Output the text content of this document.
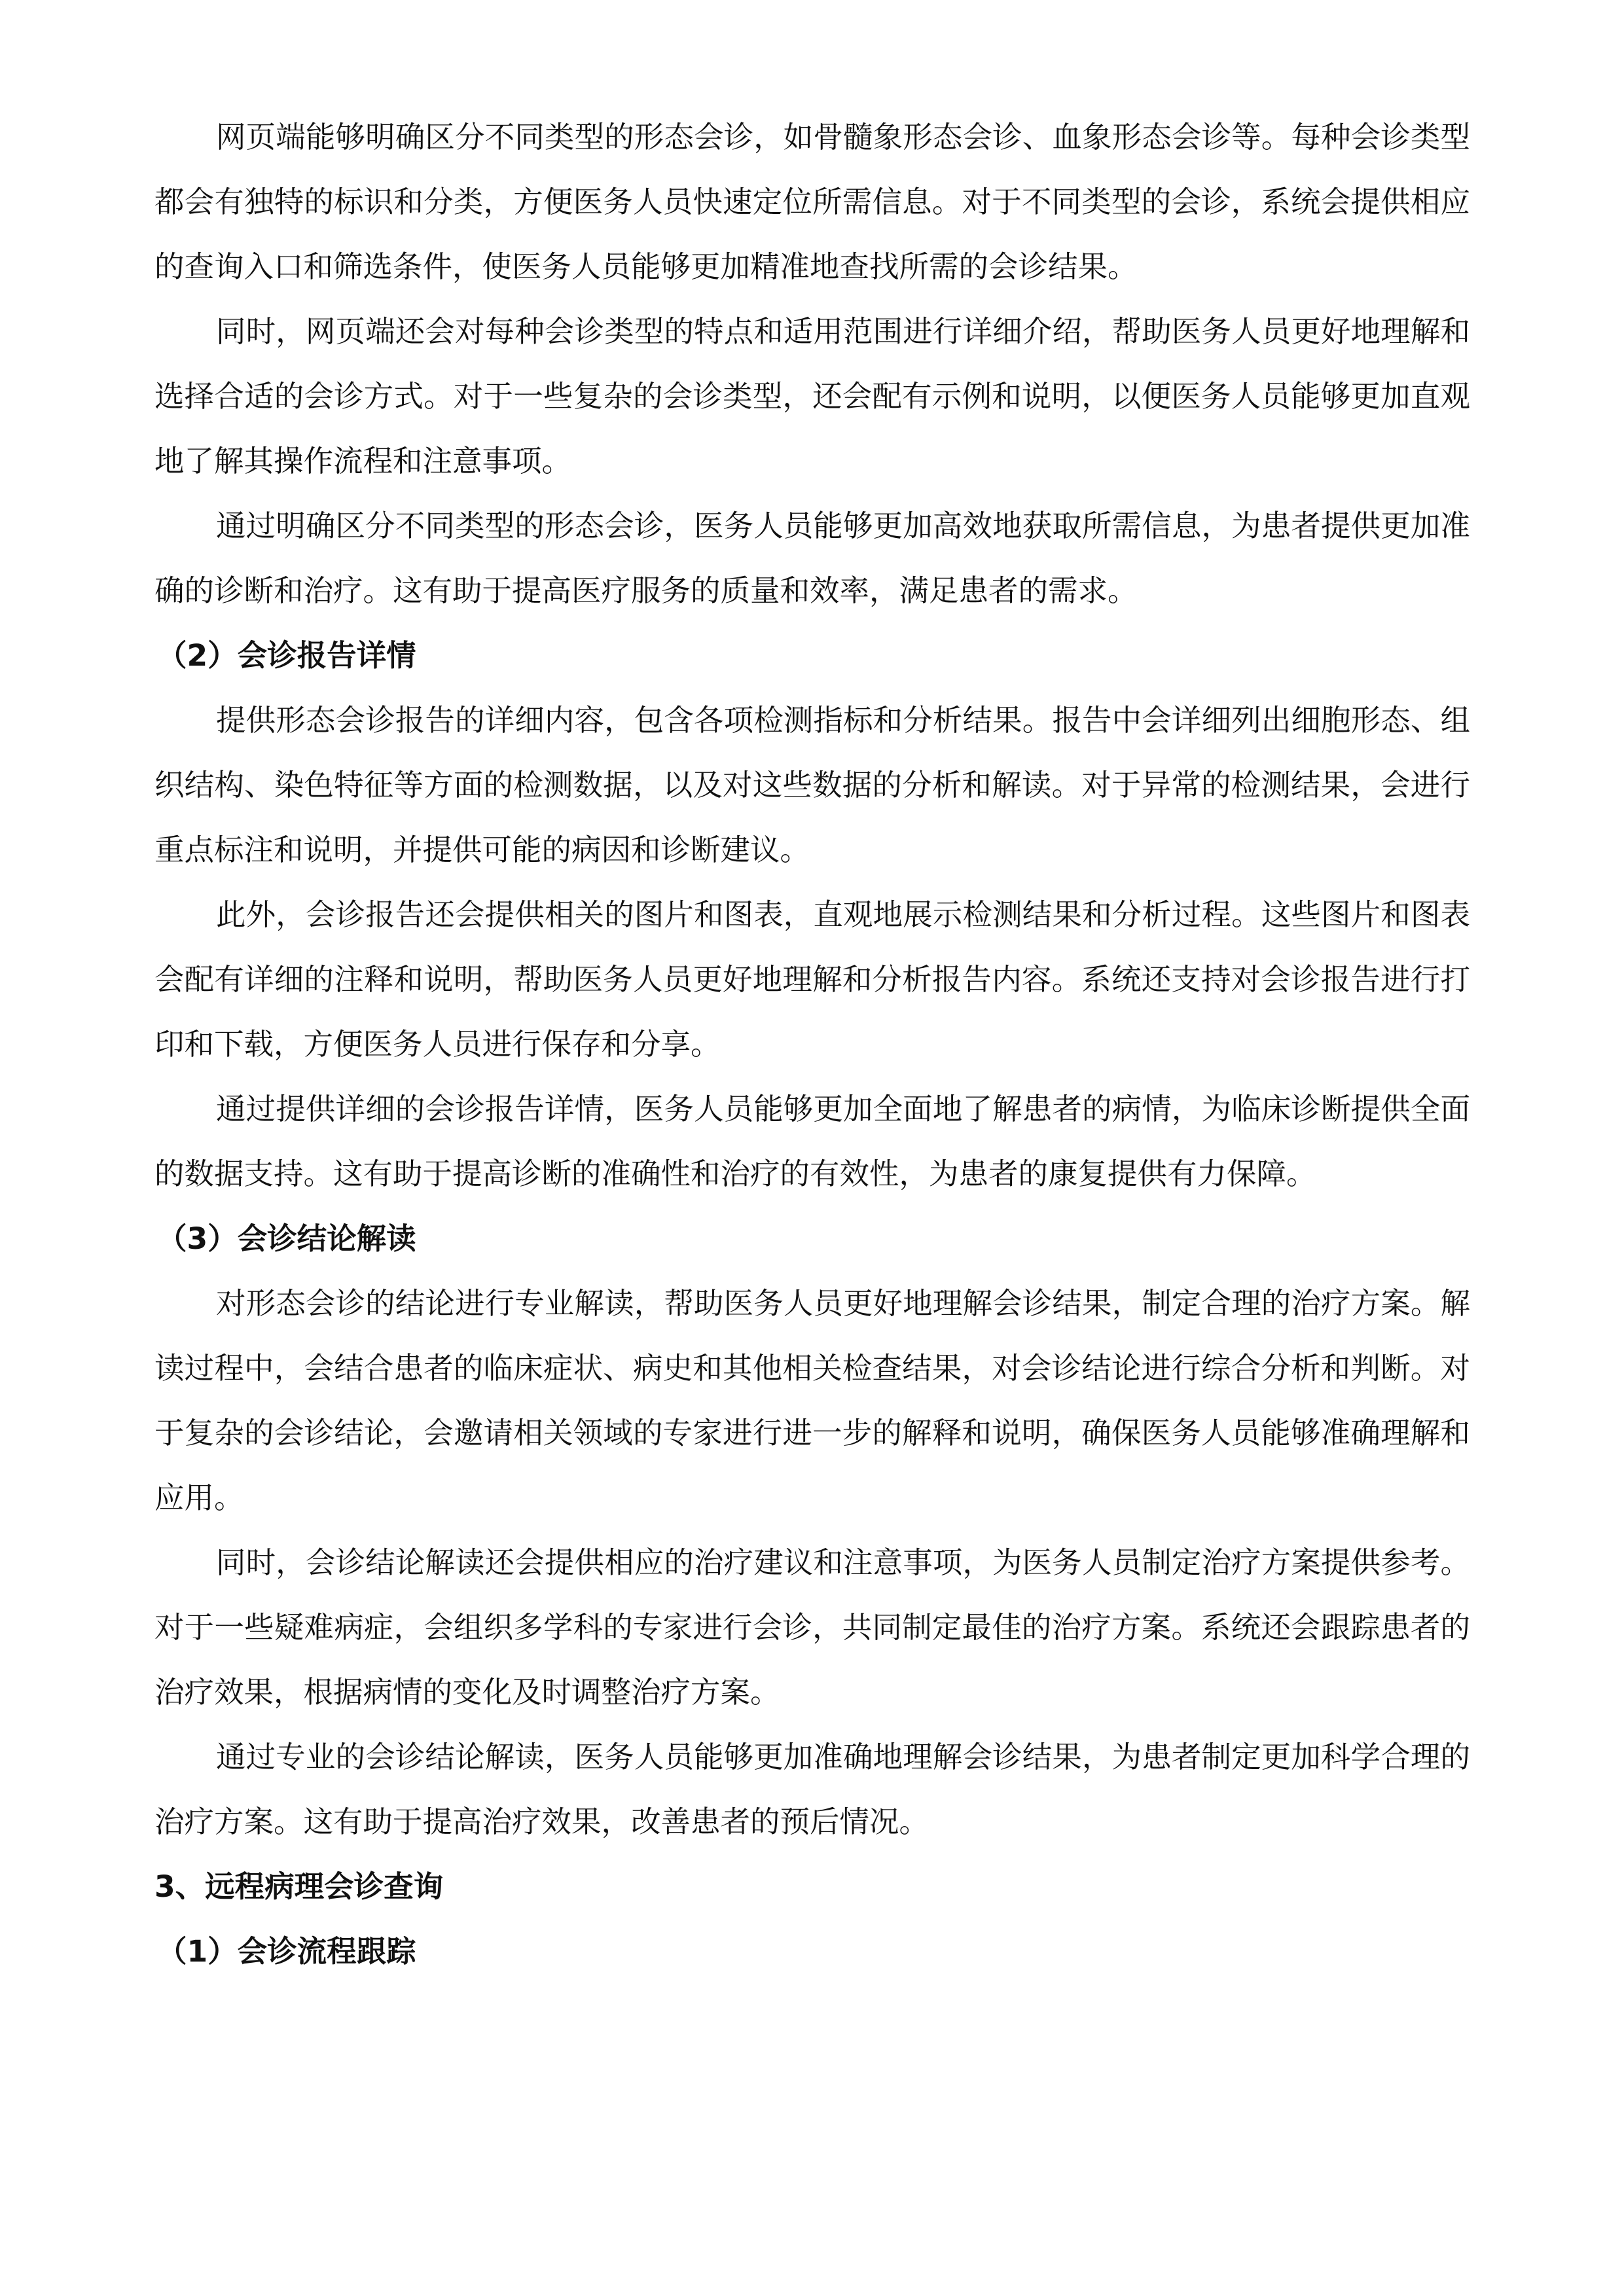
网页端能够明确区分不同类型的形态会诊，如骨髓象形态会诊、血象形态会诊等。每种会诊类型都会有独特的标识和分类，方便医务人员快速定位所需信息。对于不同类型的会诊，系统会提供相应的查询入口和筛选条件，使医务人员能够更加精准地查找所需的会诊结果。

同时，网页端还会对每种会诊类型的特点和适用范围进行详细介绍，帮助医务人员更好地理解和选择合适的会诊方式。对于一些复杂的会诊类型，还会配有示例和说明，以便医务人员能够更加直观地了解其操作流程和注意事项。

通过明确区分不同类型的形态会诊，医务人员能够更加高效地获取所需信息，为患者提供更加准确的诊断和治疗。这有助于提高医疗服务的质量和效率，满足患者的需求。

（2）会诊报告详情

提供形态会诊报告的详细内容，包含各项检测指标和分析结果。报告中会详细列出细胞形态、组织结构、染色特征等方面的检测数据，以及对这些数据的分析和解读。对于异常的检测结果，会进行重点标注和说明，并提供可能的病因和诊断建议。

此外，会诊报告还会提供相关的图片和图表，直观地展示检测结果和分析过程。这些图片和图表会配有详细的注释和说明，帮助医务人员更好地理解和分析报告内容。系统还支持对会诊报告进行打印和下载，方便医务人员进行保存和分享。

通过提供详细的会诊报告详情，医务人员能够更加全面地了解患者的病情，为临床诊断提供全面的数据支持。这有助于提高诊断的准确性和治疗的有效性，为患者的康复提供有力保障。

（3）会诊结论解读

对形态会诊的结论进行专业解读，帮助医务人员更好地理解会诊结果，制定合理的治疗方案。解读过程中，会结合患者的临床症状、病史和其他相关检查结果，对会诊结论进行综合分析和判断。对于复杂的会诊结论，会邀请相关领域的专家进行进一步的解释和说明，确保医务人员能够准确理解和应用。

同时，会诊结论解读还会提供相应的治疗建议和注意事项，为医务人员制定治疗方案提供参考。对于一些疑难病症，会组织多学科的专家进行会诊，共同制定最佳的治疗方案。系统还会跟踪患者的治疗效果，根据病情的变化及时调整治疗方案。

通过专业的会诊结论解读，医务人员能够更加准确地理解会诊结果，为患者制定更加科学合理的治疗方案。这有助于提高治疗效果，改善患者的预后情况。

3、远程病理会诊查询
（1）会诊流程跟踪
